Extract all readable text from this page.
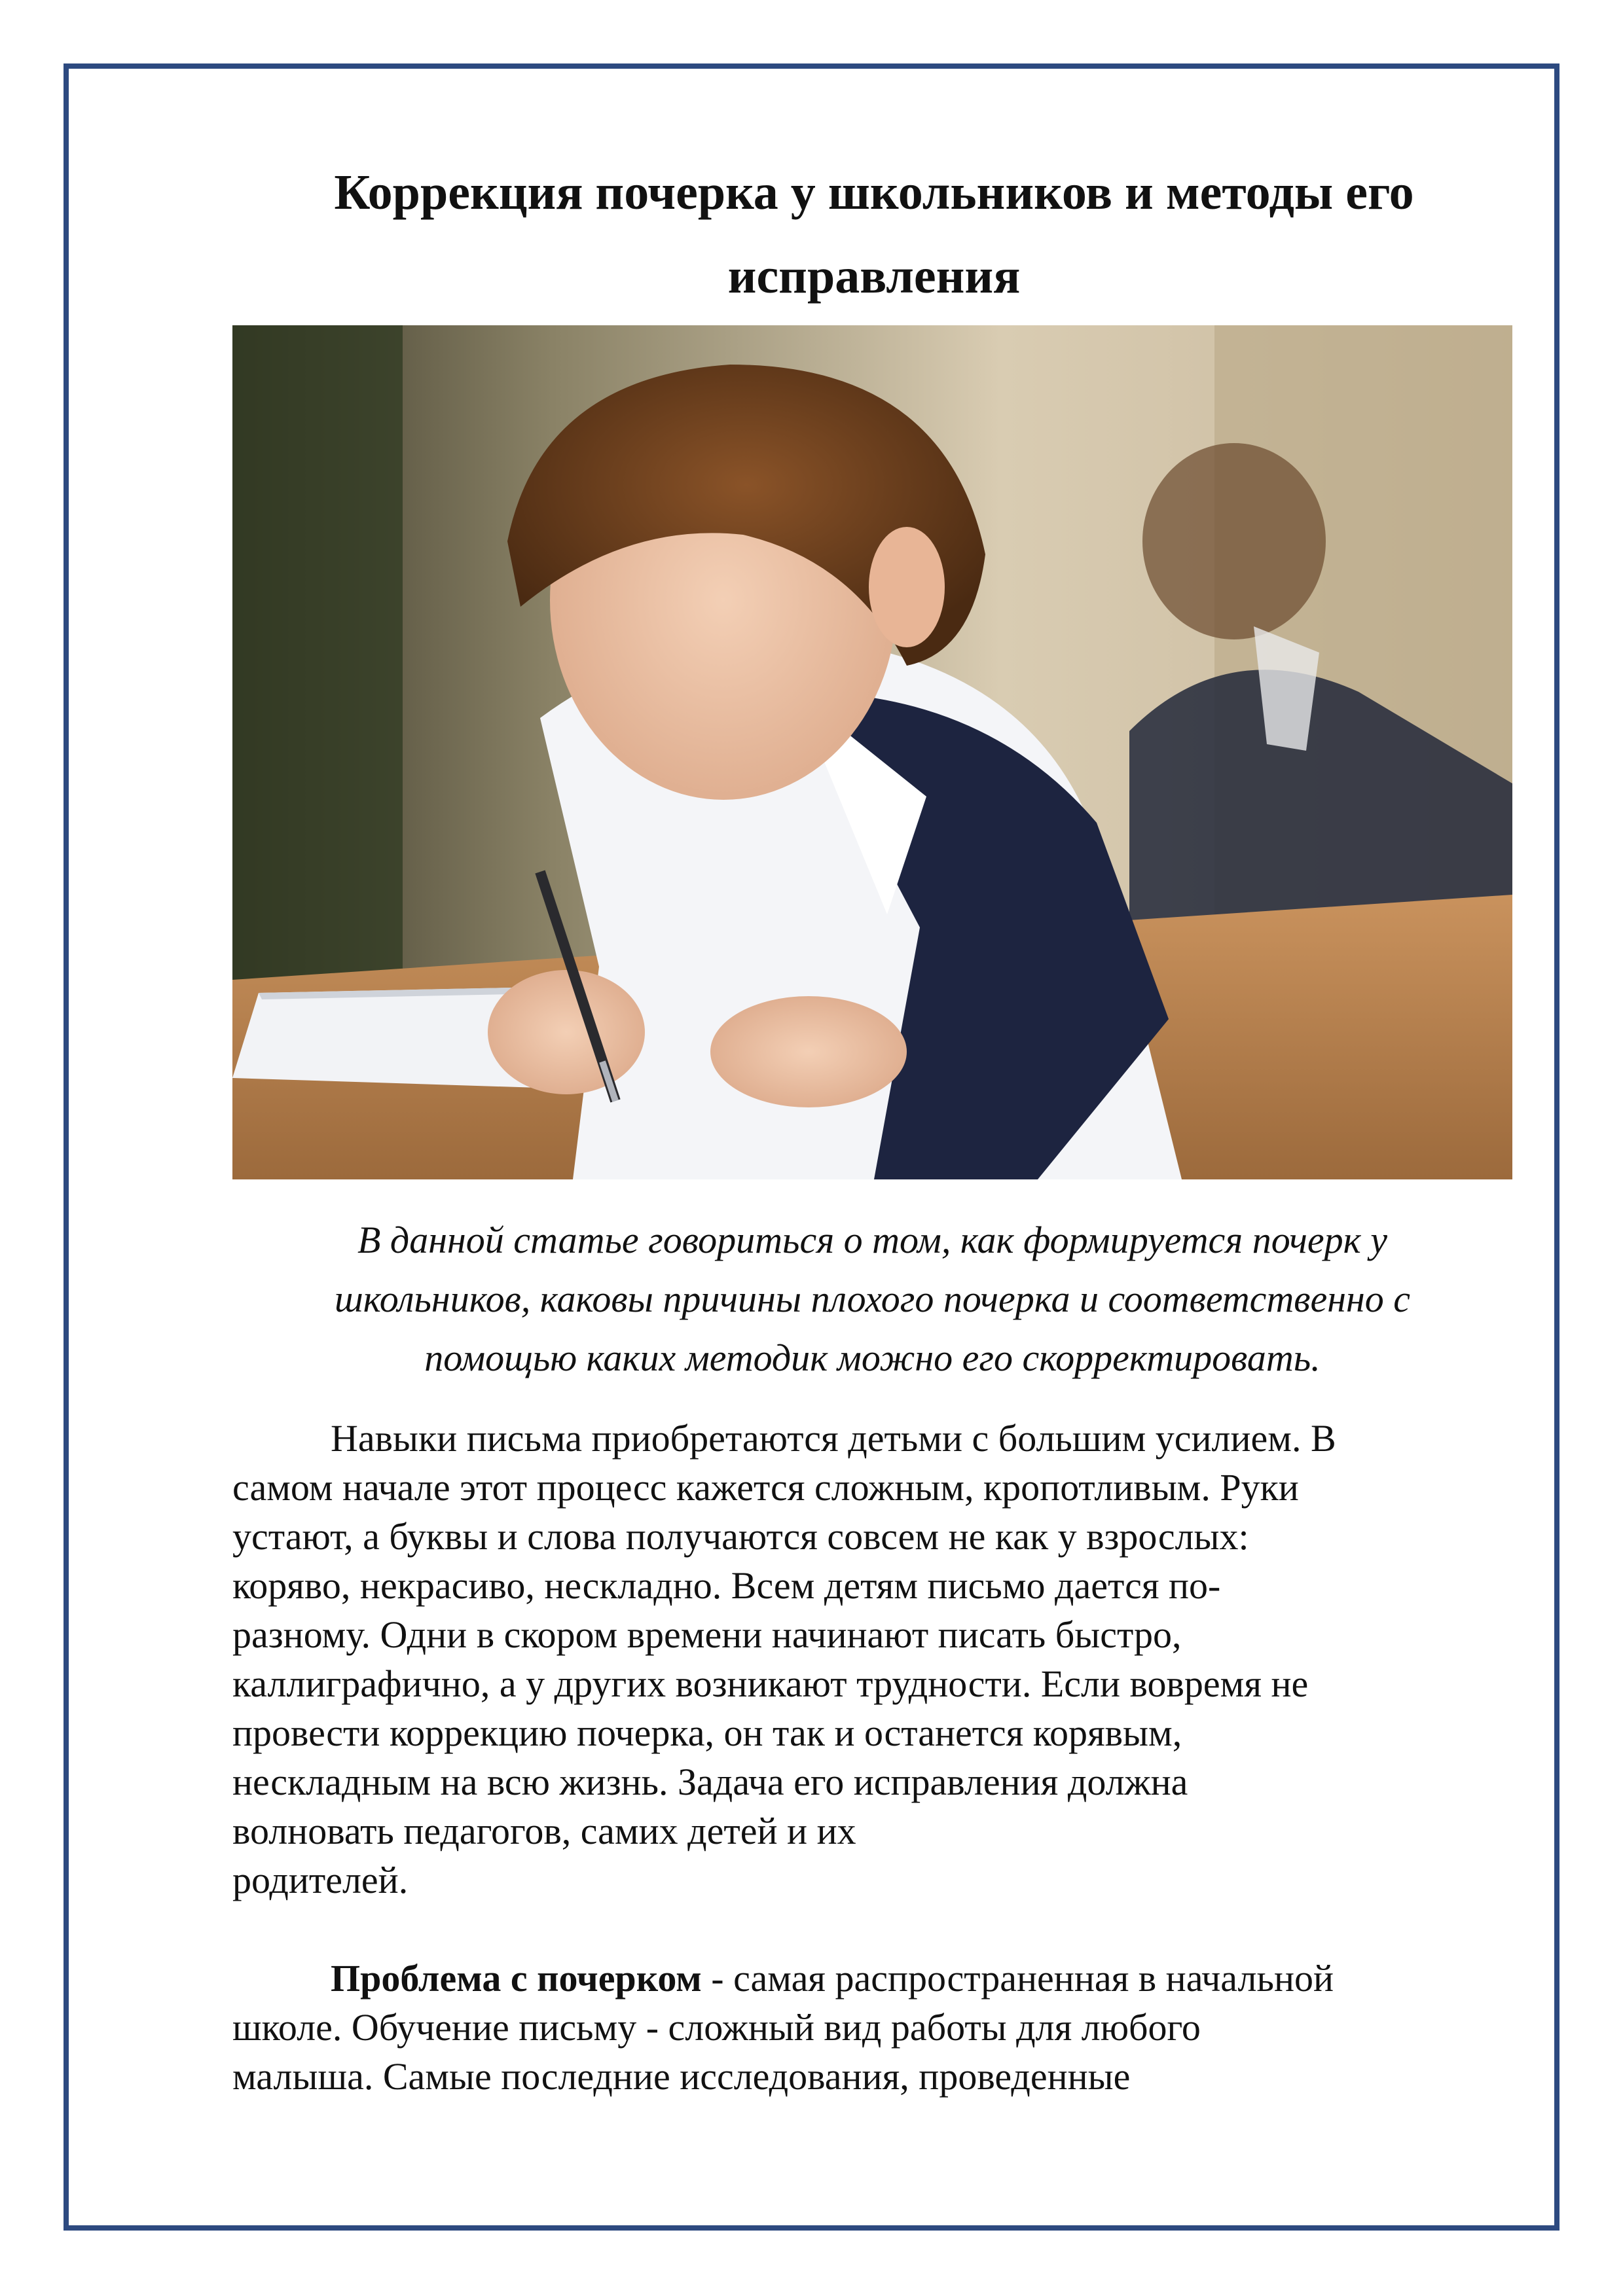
Коррекция почерка у школьников и методы его
исправления

В данной статье говориться о том, как формируется почерк у
школьников, каковы причины плохого почерка и соответственно с
помощью каких методик можно его скорректировать.

Навыки письма приобретаются детьми с большим усилием. В
самом начале этот процесс кажется сложным, кропотливым. Руки
устают, а буквы и слова получаются совсем не как у взрослых:
коряво, некрасиво, нескладно. Всем детям письмо дается по-
разному. Одни в скором времени начинают писать быстро,
каллиграфично, а у других возникают трудности. Если вовремя не
провести коррекцию почерка, он так и останется корявым,
нескладным на всю жизнь. Задача его исправления должна
волновать педагогов, самих детей и их
родителей.

Проблема с почерком - самая распространенная в начальной
школе. Обучение письму - сложный вид работы для любого
малыша. Самые последние исследования, проведенные
